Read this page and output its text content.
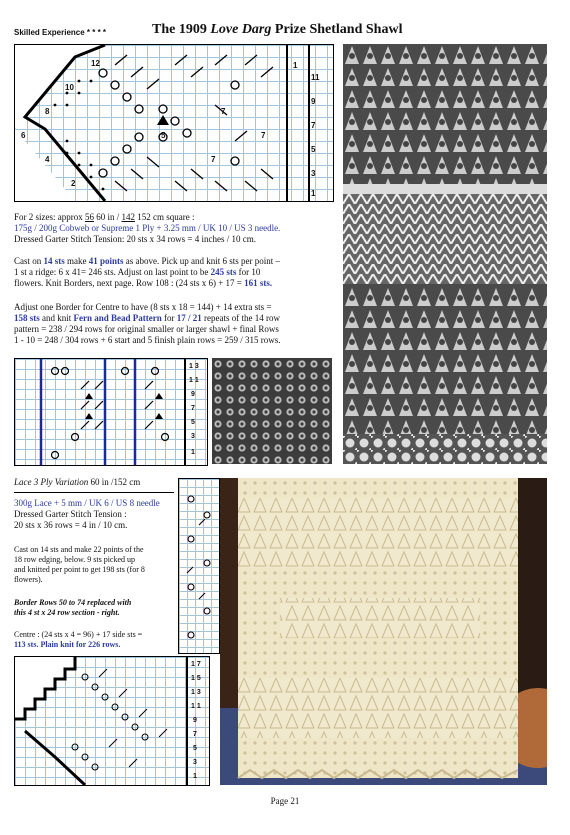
Skilled Experience * * * *	The 1909 Love Darg Prize Shetland Shawl
12
10
8
6
4
2
1
11
9
7
5
3
1
5
7
7
7

For 2 sizes: approx 56 60 in / 142 152 cm square :

175g / 200g Cobweb or Supreme 1 Ply + 3.25 mm / UK 10 / US 3 needle.

Dressed Garter Stitch Tension: 20 sts x 34 rows = 4 inches / 10 cm.

Cast on 14 sts make 41 points as above. Pick up and knit 6 sts per point –

1 st a ridge: 6 x 41= 246 sts. Adjust on last point to be 245 sts for 10

flowers. Knit Borders, next page. Row 108 : (24 sts x 6) + 17 = 161 sts.

Adjust one Border for Centre to have (8 sts x 18 = 144) + 14 extra sts =

158 sts and knit Fern and Bead Pattern for 17 / 21 repeats of the 14 row

pattern = 238 / 294 rows for original smaller or larger shawl + final Rows

1 - 10 = 248 / 304 rows + 6 start and 5 finish plain rows = 259 / 315 rows.

1 3
1 1
9
7
5
3
1
Lace 3 Ply Variation 60 in /152 cm

300g Lace + 5 mm / UK 6 / US 8 needle

Dressed Garter Stitch Tension :

20 sts x 36 rows = 4 in / 10 cm.

Cast on 14 sts and make 22 points of the

18 row edging, below. 9 sts picked up

and knitted per point to get 198 sts (for 8

flowers).

Border Rows 50 to 74 replaced with

this 4 st x 24 row section - right.

Centre : (24 sts x 4 = 96) + 17 side sts =

113 sts. Plain knit for 226 rows.

1 7
1 5
1 3
1 1
9
7
5
3
1
Page 21
